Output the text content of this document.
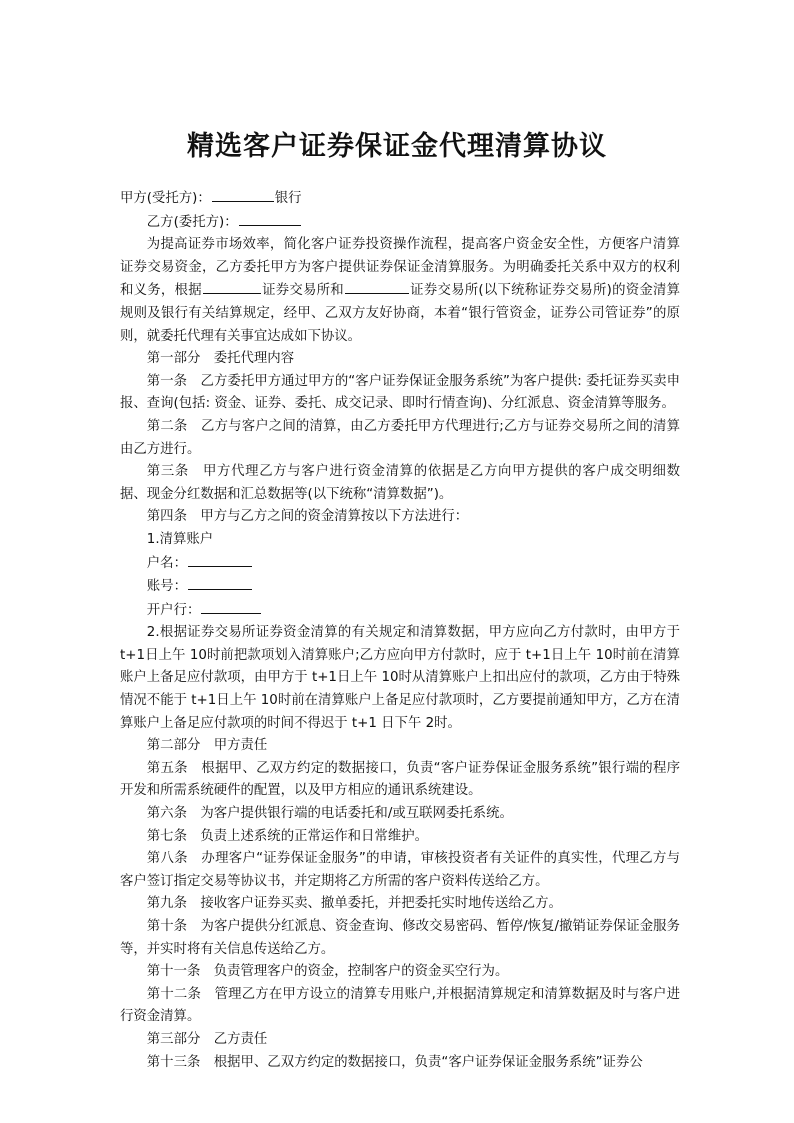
精选客户证券保证金代理清算协议

甲方(受托方)：	银行

乙方(委托方)：

为提高证券市场效率，简化客户证券投资操作流程，提高客户资金安全性，方便客户清算证券交易资金，乙方委托甲方为客户提供证券保证金清算服务。为明确委托关系中双方的权利和义务，根据	证券交易所和	证券交易所(以下统称证券交易所)的资金清算规则及银行有关结算规定，经甲、乙双方友好协商，本着“银行管资金，证券公司管证券”的原则，就委托代理有关事宜达成如下协议。

第一部分　委托代理内容

第一条　乙方委托甲方通过甲方的“客户证券保证金服务系统”为客户提供: 委托证券买卖申报、查询(包括: 资金、证券、委托、成交记录、即时行情查询)、分红派息、资金清算等服务。

第二条　乙方与客户之间的清算，由乙方委托甲方代理进行;乙方与证券交易所之间的清算由乙方进行。

第三条　甲方代理乙方与客户进行资金清算的依据是乙方向甲方提供的客户成交明细数据、现金分红数据和汇总数据等(以下统称“清算数据”)。

第四条　甲方与乙方之间的资金清算按以下方法进行：

1.清算账户

户名：

账号：

开户行：

2.根据证券交易所证券资金清算的有关规定和清算数据，甲方应向乙方付款时，由甲方于 t+1日上午 10时前把款项划入清算账户;乙方应向甲方付款时，应于 t+1日上午 10时前在清算账户上备足应付款项，由甲方于 t+1日上午 10时从清算账户上扣出应付的款项，乙方由于特殊情况不能于 t+1日上午 10时前在清算账户上备足应付款项时，乙方要提前通知甲方，乙方在清算账户上备足应付款项的时间不得迟于 t+1 日下午 2时。

第二部分　甲方责任

第五条　根据甲、乙双方约定的数据接口，负责“客户证券保证金服务系统”银行端的程序开发和所需系统硬件的配置，以及甲方相应的通讯系统建设。

第六条　为客户提供银行端的电话委托和/或互联网委托系统。

第七条　负责上述系统的正常运作和日常维护。

第八条　办理客户“证券保证金服务”的申请，审核投资者有关证件的真实性，代理乙方与客户签订指定交易等协议书，并定期将乙方所需的客户资料传送给乙方。

第九条　接收客户证券买卖、撤单委托，并把委托实时地传送给乙方。

第十条　为客户提供分红派息、资金查询、修改交易密码、暂停/恢复/撤销证券保证金服务等，并实时将有关信息传送给乙方。

第十一条　负责管理客户的资金，控制客户的资金买空行为。

第十二条　管理乙方在甲方设立的清算专用账户,并根据清算规定和清算数据及时与客户进行资金清算。

第三部分　乙方责任

第十三条　根据甲、乙双方约定的数据接口，负责“客户证券保证金服务系统”证券公
